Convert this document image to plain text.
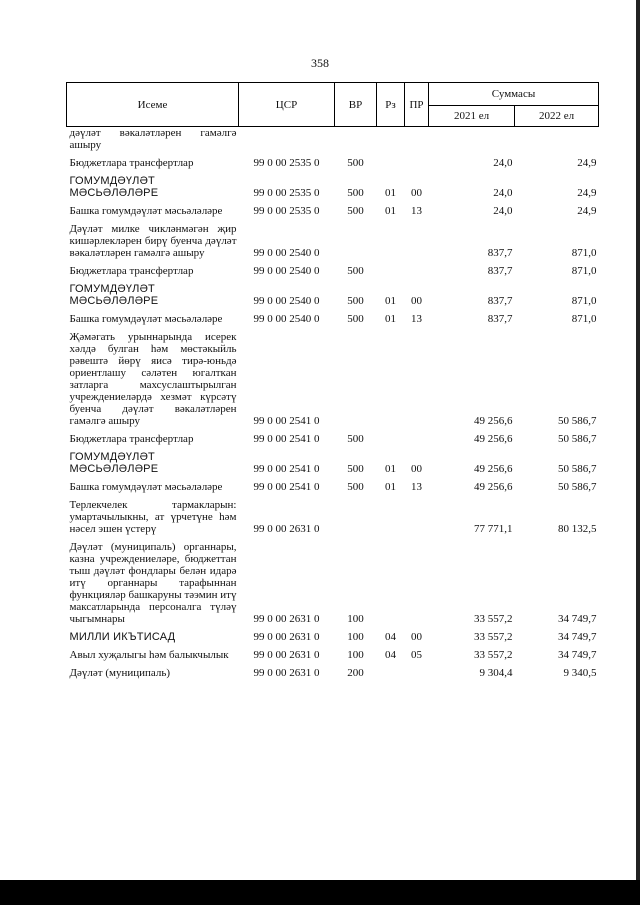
358
Исеме	ЦСР	ВР	Рз	ПР	Суммасы	
					2021 ел	2022 ел
дәүләт вәкаләтләрен гамәлгә ашыру						

Бюджетлара трансфертлар	99 0 00 2535 0	500			24,0	24,9

ГОМУМДӘҮЛӘТ МӘСЬӘЛӘЛӘРЕ	99 0 00 2535 0	500	01	00	24,0	24,9

Башка гомумдәүләт мәсьәләләре	99 0 00 2535 0	500	01	13	24,0	24,9

Дәүләт милке чикләнмәгән җир кишәрлекләрен бирү буенча дәүләт вәкаләтләрен гамәлгә ашыру	99 0 00 2540 0				837,7	871,0

Бюджетлара трансфертлар	99 0 00 2540 0	500			837,7	871,0

ГОМУМДӘҮЛӘТ МӘСЬӘЛӘЛӘРЕ	99 0 00 2540 0	500	01	00	837,7	871,0

Башка гомумдәүләт мәсьәләләре	99 0 00 2540 0	500	01	13	837,7	871,0

Җәмәгать урыннарында исерек хәлдә булган һәм мөстәкыйль рәвештә йөрү яисә тирә-юньдә ориентлашу сәләтен югалткан затларга махсуслаштырылган учреждениеләрдә хезмәт күрсәтү буенча дәүләт вәкаләтләрен гамәлгә ашыру	99 0 00 2541 0				49 256,6	50 586,7

Бюджетлара трансфертлар	99 0 00 2541 0	500			49 256,6	50 586,7

ГОМУМДӘҮЛӘТ МӘСЬӘЛӘЛӘРЕ	99 0 00 2541 0	500	01	00	49 256,6	50 586,7

Башка гомумдәүләт мәсьәләләре	99 0 00 2541 0	500	01	13	49 256,6	50 586,7

Терлекчелек тармакларын: умартачылыкны, ат үрчетүне һәм нәсел эшен үстерү	99 0 00 2631 0				77 771,1	80 132,5

Дәүләт (муниципаль) органнары, казна учреждениеләре, бюджеттан тыш дәүләт фондлары белән идарә итү органнары тарафыннан функцияләр башкаруны тәэмин итү максатларында персоналга түләү чыгымнары	99 0 00 2631 0	100			33 557,2	34 749,7

МИЛЛИ ИКЪТИСАД	99 0 00 2631 0	100	04	00	33 557,2	34 749,7

Авыл хуҗалыгы һәм балыкчылык	99 0 00 2631 0	100	04	05	33 557,2	34 749,7

Дәүләт (муниципаль)	99 0 00 2631 0	200			9 304,4	9 340,5
